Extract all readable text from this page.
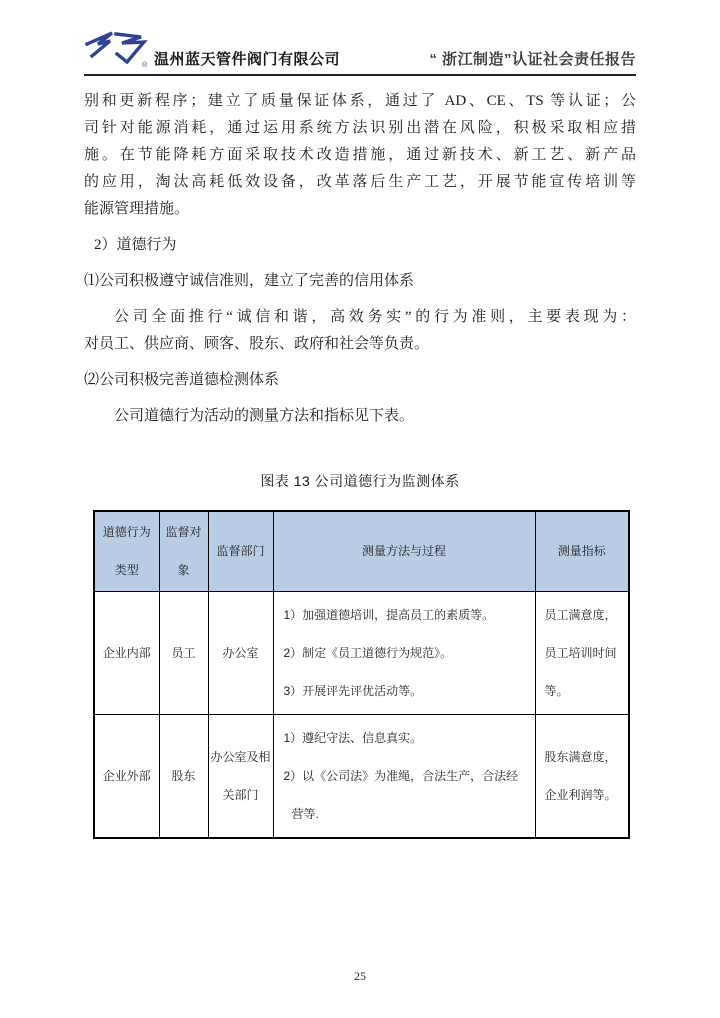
® 温州蓝天管件阀门有限公司	“ 浙江制造”认证社会责任报告
别和更新程序；建立了质量保证体系，通过了 AD、CE、TS 等认证；公
司针对能源消耗，通过运用系统方法识别出潜在风险，积极采取相应措
施。在节能降耗方面采取技术改造措施，通过新技术、新工艺、新产品
的应用，淘汰高耗低效设备，改革落后生产工艺，开展节能宣传培训等
能源管理措施。
2）道德行为
⑴公司积极遵守诚信准则，建立了完善的信用体系
公司全面推行“诚信和谐，高效务实”的行为准则，主要表现为：
对员工、供应商、顾客、股东、政府和社会等负责。
⑵公司积极完善道德检测体系
公司道德行为活动的测量方法和指标见下表。
图表 13 公司道德行为监测体系
道德行为类型	监督对象	监督部门	测量方法与过程	测量指标
企业内部	员工	办公室	1）加强道德培训，提高员工的素质等。
2）制定《员工道德行为规范》。
3）开展评先评优活动等。	员工满意度，员工培训时间等。
企业外部	股东	办公室及相关部门	1）遵纪守法、信息真实。
2）以《公司法》为准绳，合法生产，合法经营等.	股东满意度，企业利润等。
25
